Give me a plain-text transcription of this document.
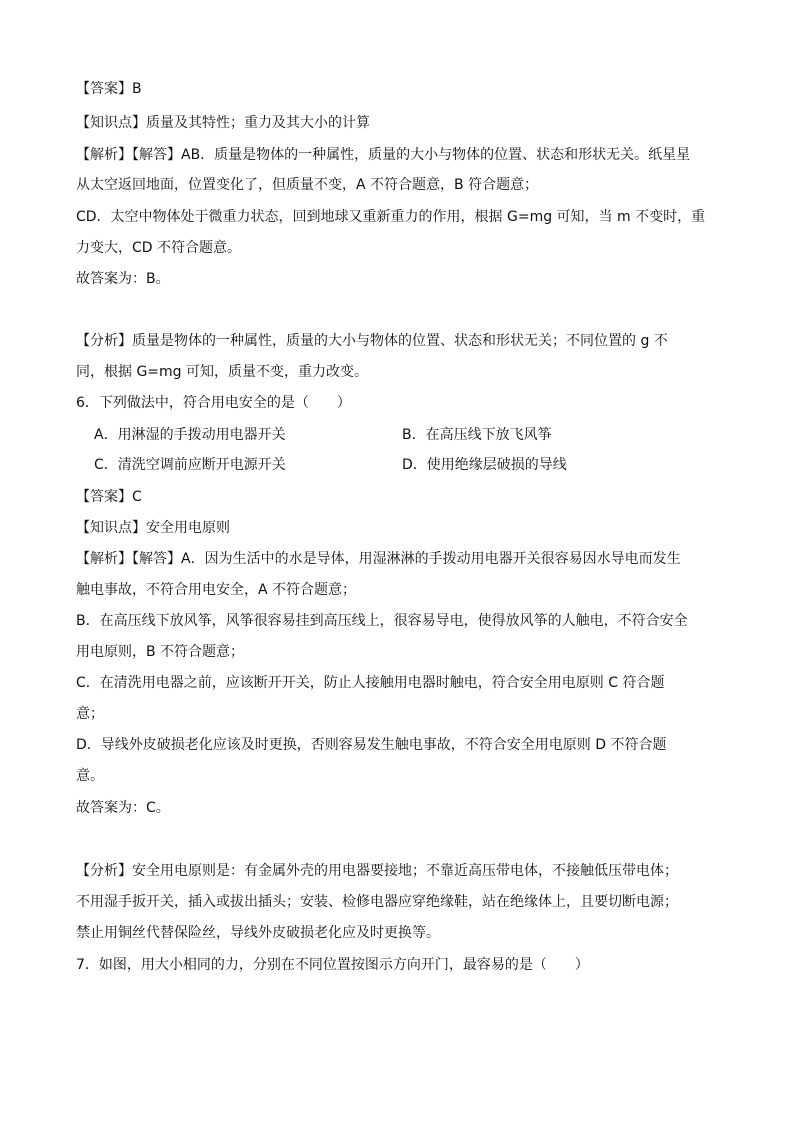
【答案】B
【知识点】质量及其特性；重力及其大小的计算
【解析】【解答】AB．质量是物体的一种属性，质量的大小与物体的位置、状态和形状无关。纸星星
从太空返回地面，位置变化了，但质量不变，A 不符合题意，B 符合题意；
CD．太空中物体处于微重力状态，回到地球又重新重力的作用，根据 G=mg 可知，当 m 不变时，重
力变大，CD 不符合题意。
故答案为：B。
【分析】质量是物体的一种属性，质量的大小与物体的位置、状态和形状无关；不同位置的 g 不
同，根据 G=mg 可知，质量不变，重力改变。
6．下列做法中，符合用电安全的是（　　）
A．用淋湿的手拨动用电器开关	B．在高压线下放飞风筝
C．清洗空调前应断开电源开关	D．使用绝缘层破损的导线
【答案】C
【知识点】安全用电原则
【解析】【解答】A．因为生活中的水是导体，用湿淋淋的手拨动用电器开关很容易因水导电而发生
触电事故，不符合用电安全，A 不符合题意；
B．在高压线下放风筝，风筝很容易挂到高压线上，很容易导电，使得放风筝的人触电，不符合安全
用电原则，B 不符合题意；
C．在清洗用电器之前，应该断开开关，防止人接触用电器时触电，符合安全用电原则 C 符合题
意；
D．导线外皮破损老化应该及时更换，否则容易发生触电事故，不符合安全用电原则 D 不符合题
意。
故答案为：C。
【分析】安全用电原则是：有金属外壳的用电器要接地；不靠近高压带电体，不接触低压带电体；
不用湿手扳开关，插入或拔出插头；安装、检修电器应穿绝缘鞋，站在绝缘体上，且要切断电源；
禁止用铜丝代替保险丝，导线外皮破损老化应及时更换等。
7．如图，用大小相同的力，分别在不同位置按图示方向开门，最容易的是（　　）
